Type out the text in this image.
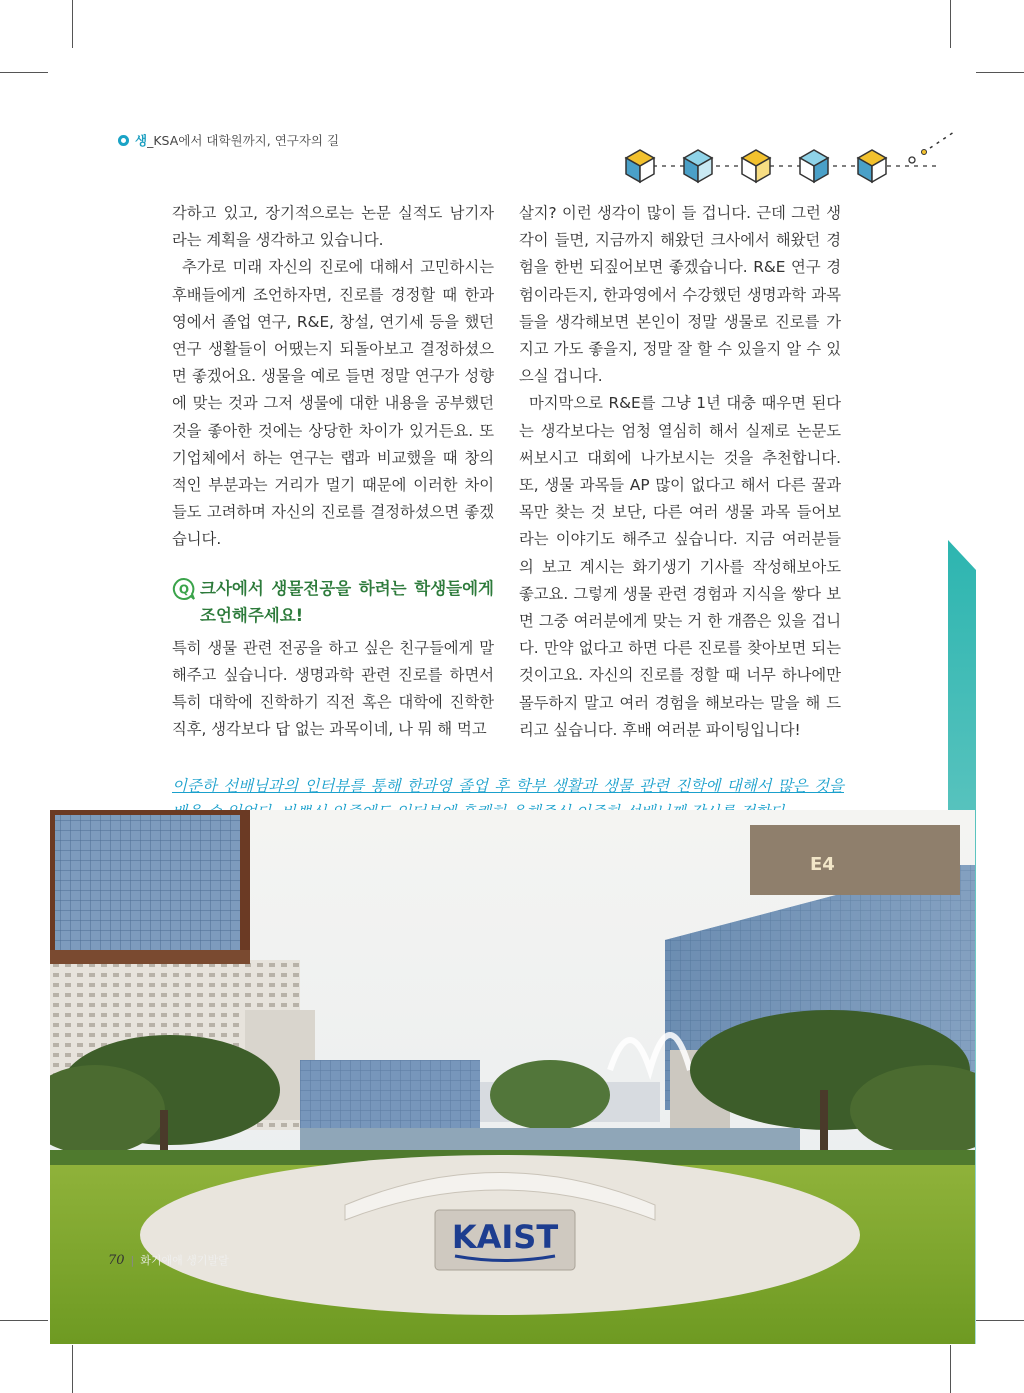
생_KSA에서 대학원까지, 연구자의 길

각하고 있고, 장기적으로는 논문 실적도 남기자라는 계획을 생각하고 있습니다.

추가로 미래 자신의 진로에 대해서 고민하시는 후배들에게 조언하자면, 진로를 경정할 때 한과영에서 졸업 연구, R&E, 창설, 연기세 등을 했던 연구 생활들이 어땠는지 되돌아보고 결정하셨으면 좋겠어요. 생물을 예로 들면 정말 연구가 성향에 맞는 것과 그저 생물에 대한 내용을 공부했던 것을 좋아한 것에는 상당한 차이가 있거든요. 또 기업체에서 하는 연구는 랩과 비교했을 때 창의적인 부분과는 거리가 멀기 때문에 이러한 차이들도 고려하며 자신의 진로를 결정하셨으면 좋겠습니다.

Q 크사에서 생물전공을 하려는 학생들에게 조언해주세요!

특히 생물 관련 전공을 하고 싶은 친구들에게 말해주고 싶습니다. 생명과학 관련 진로를 하면서 특히 대학에 진학하기 직전 혹은 대학에 진학한 직후, 생각보다 답 없는 과목이네, 나 뭐 해 먹고

살지? 이런 생각이 많이 들 겁니다. 근데 그런 생각이 들면, 지금까지 해왔던 크사에서 해왔던 경험을 한번 되짚어보면 좋겠습니다. R&E 연구 경험이라든지, 한과영에서 수강했던 생명과학 과목들을 생각해보면 본인이 정말 생물로 진로를 가지고 가도 좋을지, 정말 잘 할 수 있을지 알 수 있으실 겁니다.

마지막으로 R&E를 그냥 1년 대충 때우면 된다는 생각보다는 엄청 열심히 해서 실제로 논문도 써보시고 대회에 나가보시는 것을 추천합니다. 또, 생물 과목들 AP 많이 없다고 해서 다른 꿀과목만 찾는 것 보단, 다른 여러 생물 과목 들어보라는 이야기도 해주고 싶습니다. 지금 여러분들의 보고 계시는 화기생기 기사를 작성해보아도 좋고요. 그렇게 생물 관련 경험과 지식을 쌓다 보면 그중 여러분에게 맞는 거 한 개쯤은 있을 겁니다. 만약 없다고 하면 다른 진로를 찾아보면 되는 것이고요. 자신의 진로를 정할 때 너무 하나에만 몰두하지 말고 여러 경험을 해보라는 말을 해 드리고 싶습니다. 후배 여러분 파이팅입니다!

이준하 선배님과의 인터뷰를 통해 한과영 졸업 후 학부 생활과 생물 관련 진학에 대해서 많은 것을
E4
KAIST
70 | 화기애애 생기발랄
